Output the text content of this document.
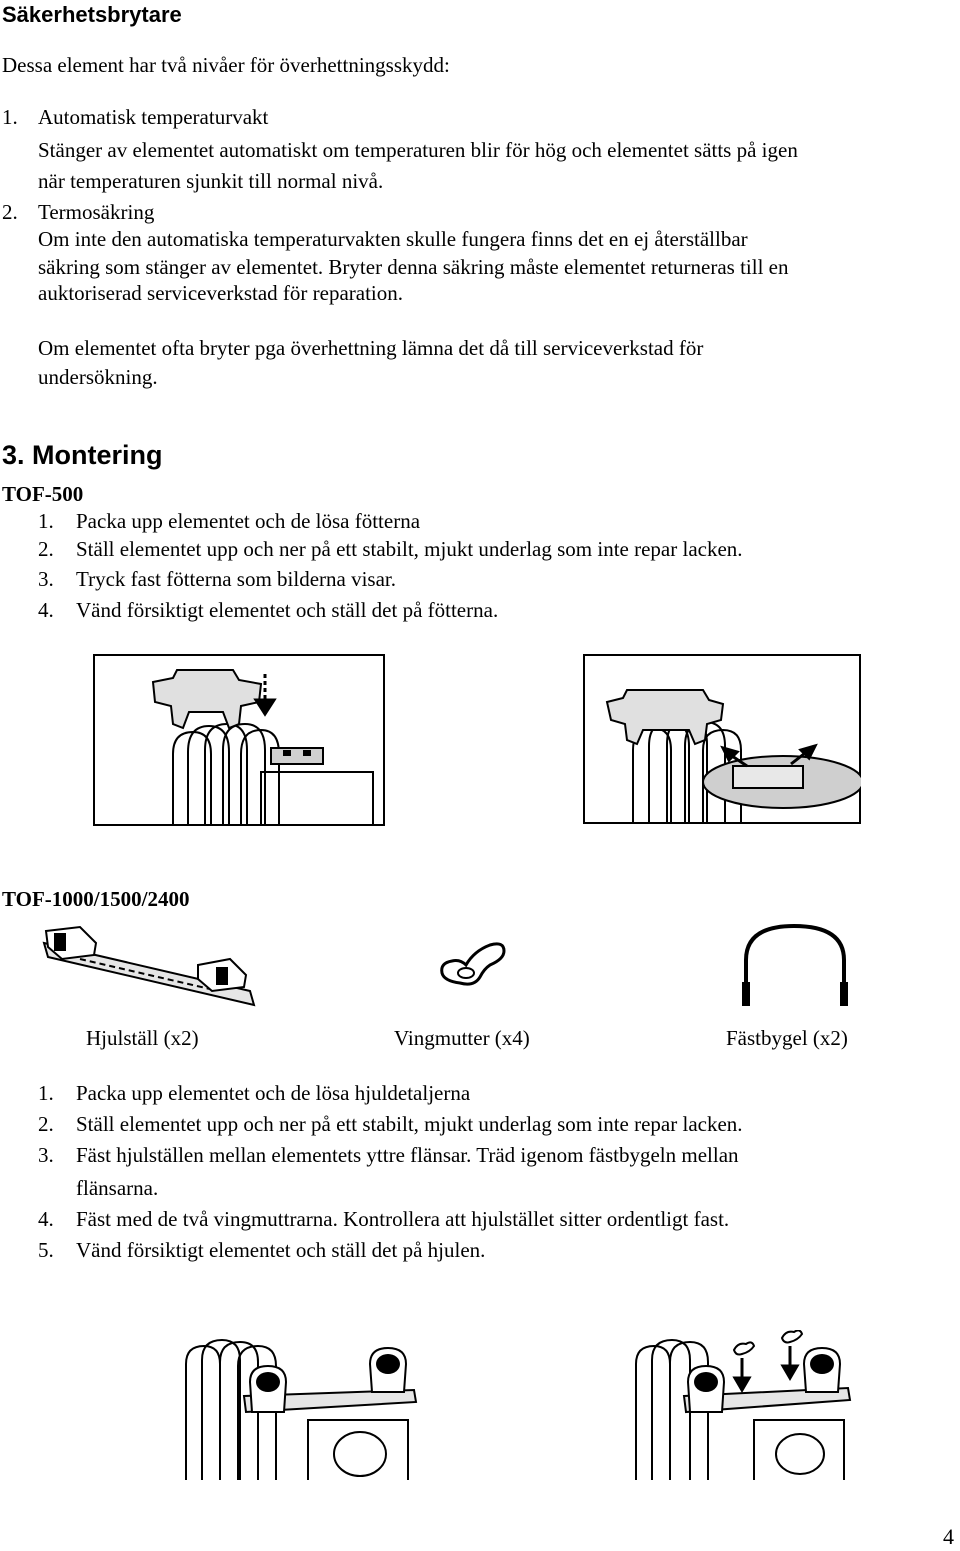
Säkerhetsbrytare
Dessa element har två nivåer för överhettningsskydd:
1. Automatisk temperaturvakt
Stänger av elementet automatiskt om temperaturen blir för hög och elementet sätts på igen
när temperaturen sjunkit till normal nivå.
2. Termosäkring
Om inte den automatiska temperaturvakten skulle fungera finns det en ej återställbar
säkring som stänger av elementet. Bryter denna säkring måste elementet returneras till en
auktoriserad serviceverkstad för reparation.
Om elementet ofta bryter pga överhettning lämna det då till serviceverkstad för
undersökning.
3. Montering
TOF-500
1. Packa upp elementet och de lösa fötterna
2. Ställ elementet upp och ner på ett stabilt, mjukt underlag som inte repar lacken.
3. Tryck fast fötterna som bilderna visar.
4. Vänd försiktigt elementet och ställ det på fötterna.
TOF-1000/1500/2400
Hjulställ (x2)	Vingmutter (x4)	Fästbygel (x2)
1. Packa upp elementet och de lösa hjuldetaljerna
2. Ställ elementet upp och ner på ett stabilt, mjukt underlag som inte repar lacken.
3. Fäst hjulställen mellan elementets yttre flänsar. Träd igenom fästbygeln mellan
flänsarna.
4. Fäst med de två vingmuttrarna. Kontrollera att hjulstället sitter ordentligt fast.
5. Vänd försiktigt elementet och ställ det på hjulen.
4
